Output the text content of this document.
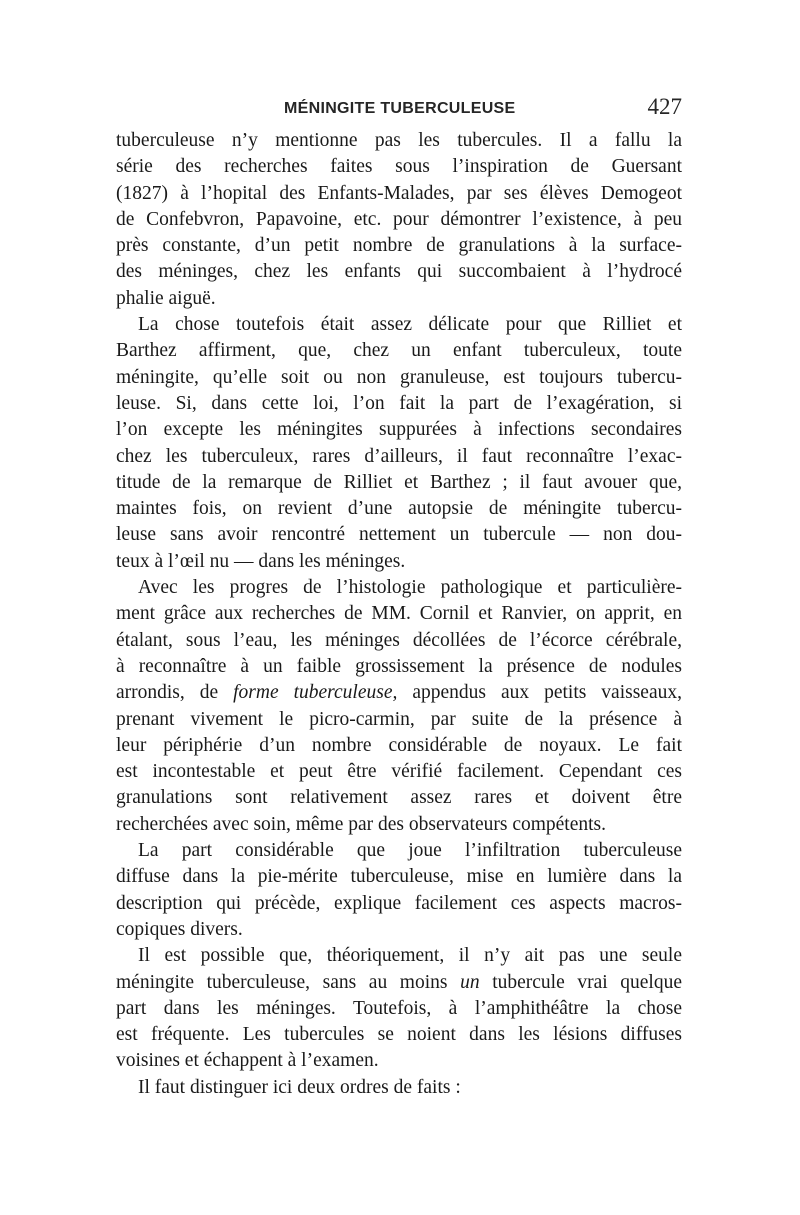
MÉNINGITE TUBERCULEUSE	427
tuberculeuse n’y mentionne pas les tubercules. Il a fallu la
série des recherches faites sous l’inspiration de Guersant
(1827) à l’hopital des Enfants-Malades, par ses élèves Demogeot
de Confebvron, Papavoine, etc. pour démontrer l’existence, à peu
près constante, d’un petit nombre de granulations à la surface-
des méninges, chez les enfants qui succombaient à l’hydrocé
phalie aiguë.
La chose toutefois était assez délicate pour que Rilliet et
Barthez affirment, que, chez un enfant tuberculeux, toute
méningite, qu’elle soit ou non granuleuse, est toujours tubercu-
leuse. Si, dans cette loi, l’on fait la part de l’exagération, si
l’on excepte les méningites suppurées à infections secondaires
chez les tuberculeux, rares d’ailleurs, il faut reconnaître l’exac-
titude de la remarque de Rilliet et Barthez ; il faut avouer que,
maintes fois, on revient d’une autopsie de méningite tubercu-
leuse sans avoir rencontré nettement un tubercule — non dou-
teux à l’œil nu — dans les méninges.
Avec les progres de l’histologie pathologique et particulière-
ment grâce aux recherches de MM. Cornil et Ranvier, on apprit, en
étalant, sous l’eau, les méninges décollées de l’écorce cérébrale,
à reconnaître à un faible grossissement la présence de nodules
arrondis, de forme tuberculeuse, appendus aux petits vaisseaux,
prenant vivement le picro-carmin, par suite de la présence à
leur périphérie d’un nombre considérable de noyaux. Le fait
est incontestable et peut être vérifié facilement. Cependant ces
granulations sont relativement assez rares et doivent être
recherchées avec soin, même par des observateurs compétents.
La part considérable que joue l’infiltration tuberculeuse
diffuse dans la pie-mérite tuberculeuse, mise en lumière dans la
description qui précède, explique facilement ces aspects macros-
copiques divers.
Il est possible que, théoriquement, il n’y ait pas une seule
méningite tuberculeuse, sans au moins un tubercule vrai quelque
part dans les méninges. Toutefois, à l’amphithéâtre la chose
est fréquente. Les tubercules se noient dans les lésions diffuses
voisines et échappent à l’examen.
Il faut distinguer ici deux ordres de faits :
